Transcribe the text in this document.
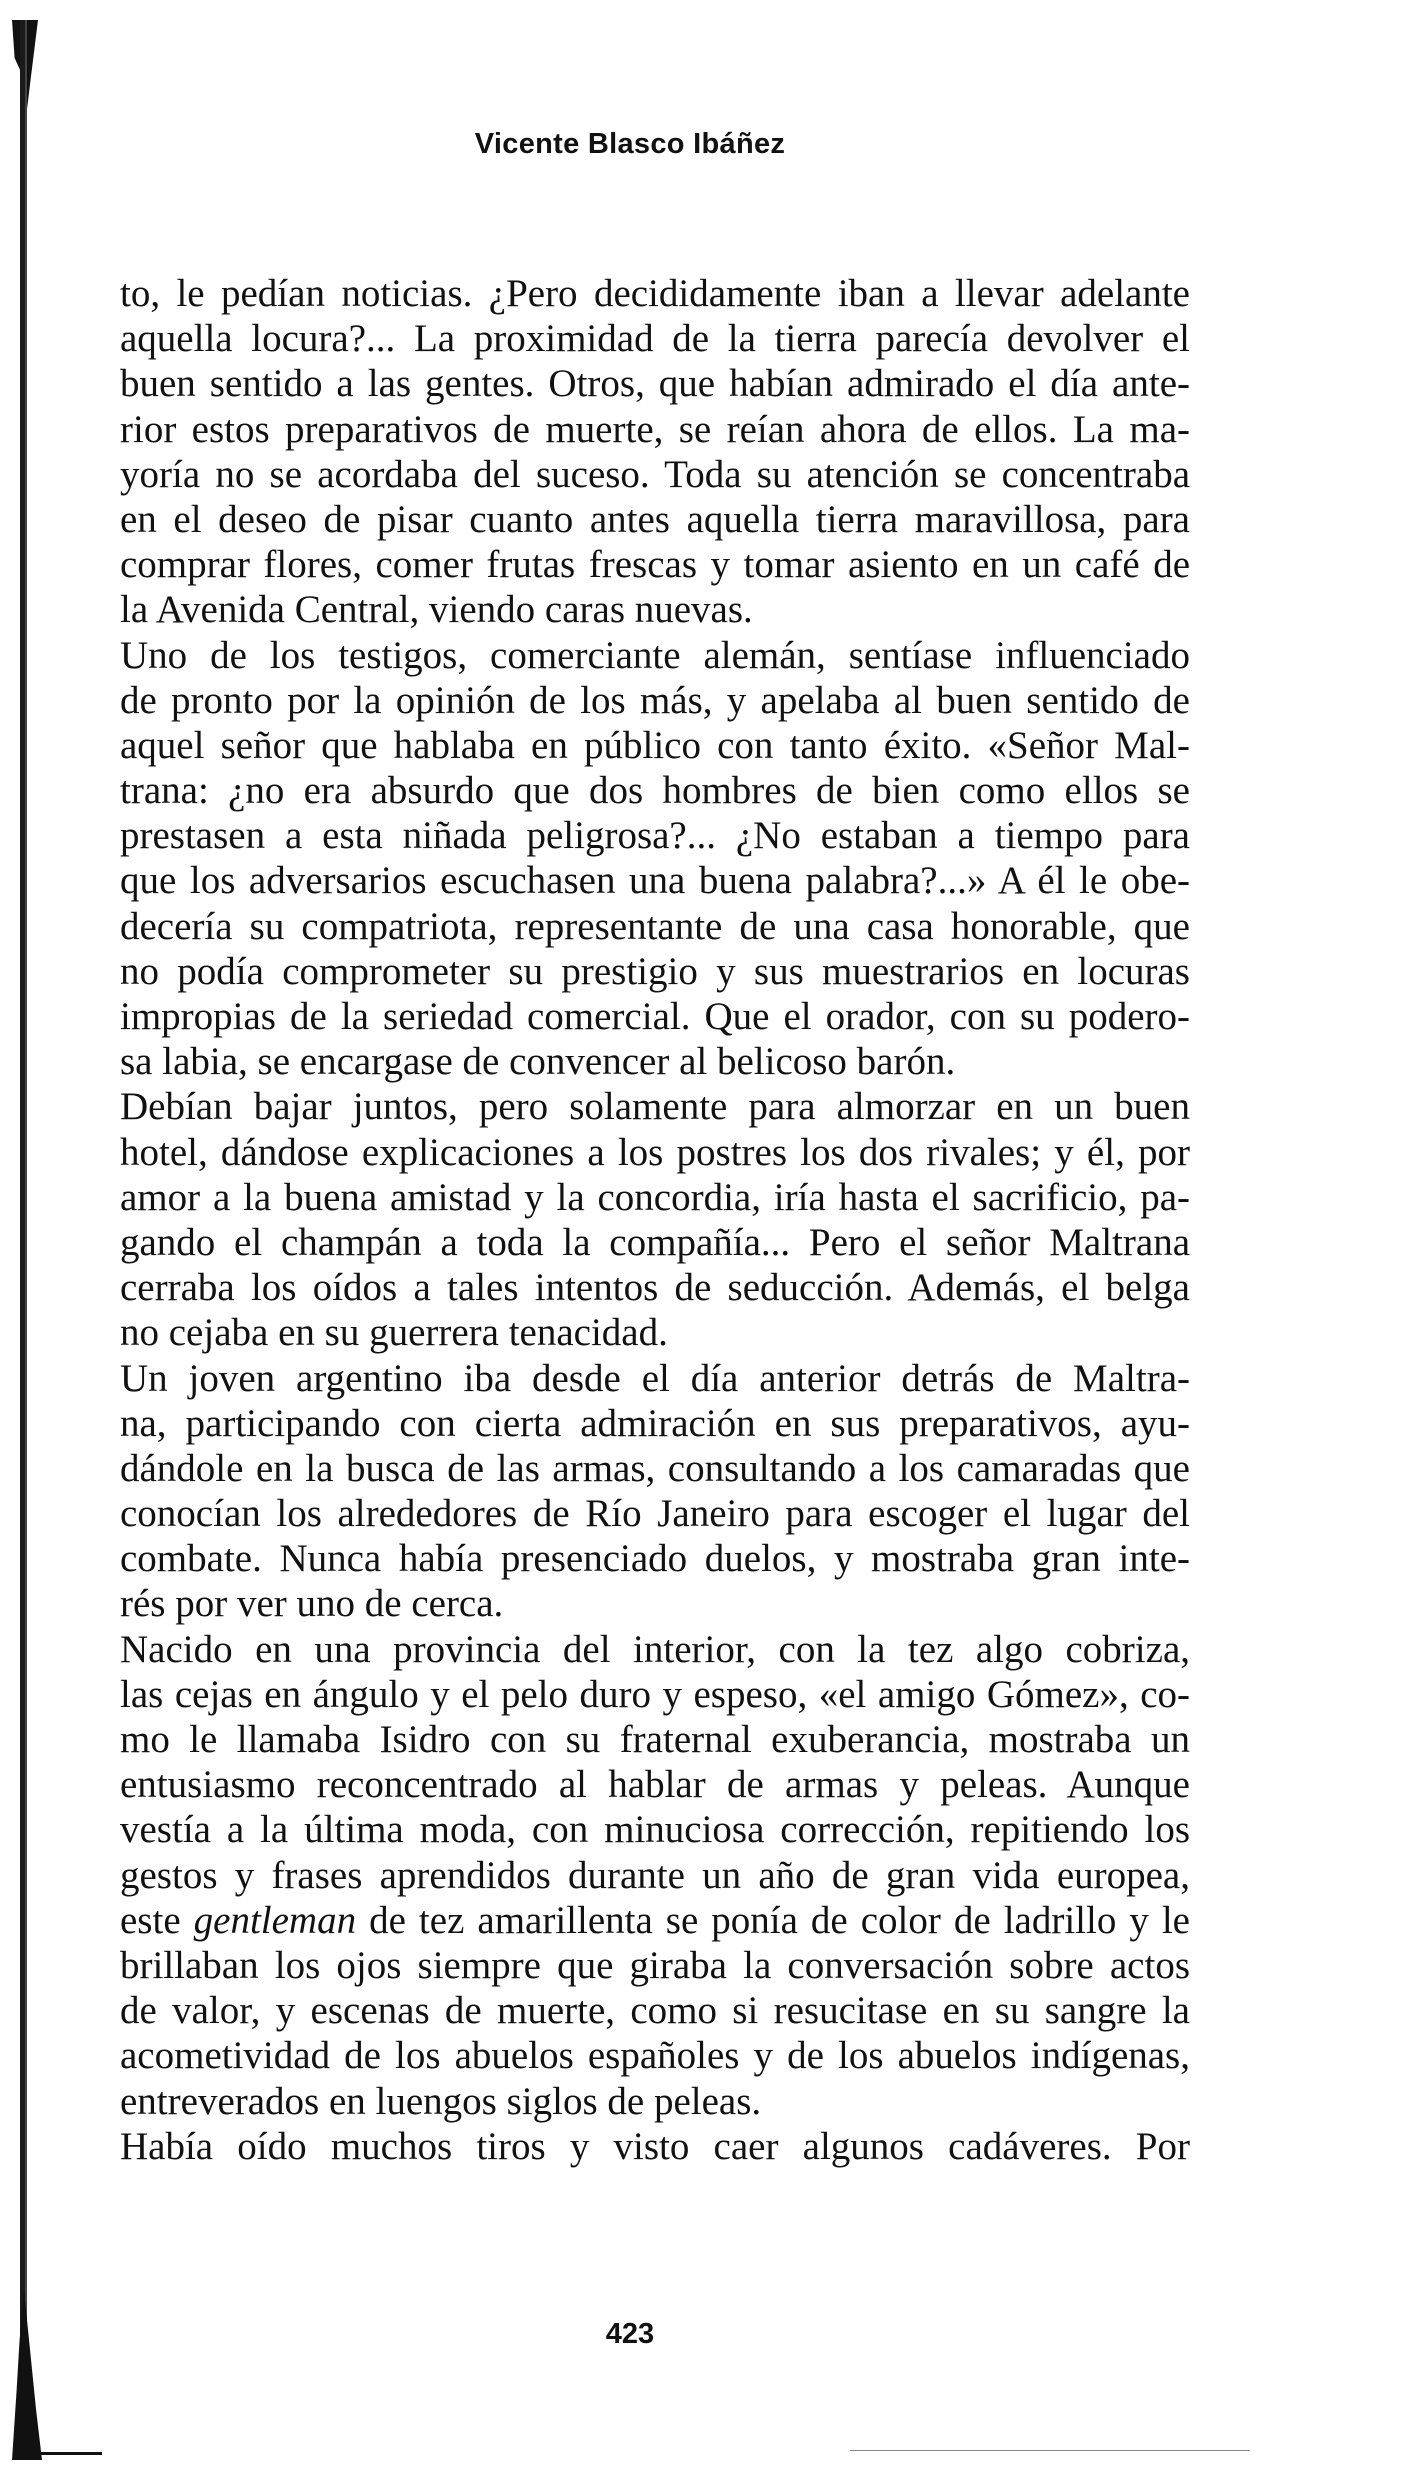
Vicente Blasco Ibáñez
to, le pedían noticias. ¿Pero decididamente iban a llevar adelante
aquella locura?... La proximidad de la tierra parecía devolver el
buen sentido a las gentes. Otros, que habían admirado el día ante-
rior estos preparativos de muerte, se reían ahora de ellos. La ma-
yoría no se acordaba del suceso. Toda su atención se concentraba
en el deseo de pisar cuanto antes aquella tierra maravillosa, para
comprar flores, comer frutas frescas y tomar asiento en un café de
la Avenida Central, viendo caras nuevas.
Uno de los testigos, comerciante alemán, sentíase influenciado
de pronto por la opinión de los más, y apelaba al buen sentido de
aquel señor que hablaba en público con tanto éxito. «Señor Mal-
trana: ¿no era absurdo que dos hombres de bien como ellos se
prestasen a esta niñada peligrosa?... ¿No estaban a tiempo para
que los adversarios escuchasen una buena palabra?...» A él le obe-
decería su compatriota, representante de una casa honorable, que
no podía comprometer su prestigio y sus muestrarios en locuras
impropias de la seriedad comercial. Que el orador, con su podero-
sa labia, se encargase de convencer al belicoso barón.
Debían bajar juntos, pero solamente para almorzar en un buen
hotel, dándose explicaciones a los postres los dos rivales; y él, por
amor a la buena amistad y la concordia, iría hasta el sacrificio, pa-
gando el champán a toda la compañía... Pero el señor Maltrana
cerraba los oídos a tales intentos de seducción. Además, el belga
no cejaba en su guerrera tenacidad.
Un joven argentino iba desde el día anterior detrás de Maltra-
na, participando con cierta admiración en sus preparativos, ayu-
dándole en la busca de las armas, consultando a los camaradas que
conocían los alrededores de Río Janeiro para escoger el lugar del
combate. Nunca había presenciado duelos, y mostraba gran inte-
rés por ver uno de cerca.
Nacido en una provincia del interior, con la tez algo cobriza,
las cejas en ángulo y el pelo duro y espeso, «el amigo Gómez», co-
mo le llamaba Isidro con su fraternal exuberancia, mostraba un
entusiasmo reconcentrado al hablar de armas y peleas. Aunque
vestía a la última moda, con minuciosa corrección, repitiendo los
gestos y frases aprendidos durante un año de gran vida europea,
este gentleman de tez amarillenta se ponía de color de ladrillo y le
brillaban los ojos siempre que giraba la conversación sobre actos
de valor, y escenas de muerte, como si resucitase en su sangre la
acometividad de los abuelos españoles y de los abuelos indígenas,
entreverados en luengos siglos de peleas.
Había oído muchos tiros y visto caer algunos cadáveres. Por
423
